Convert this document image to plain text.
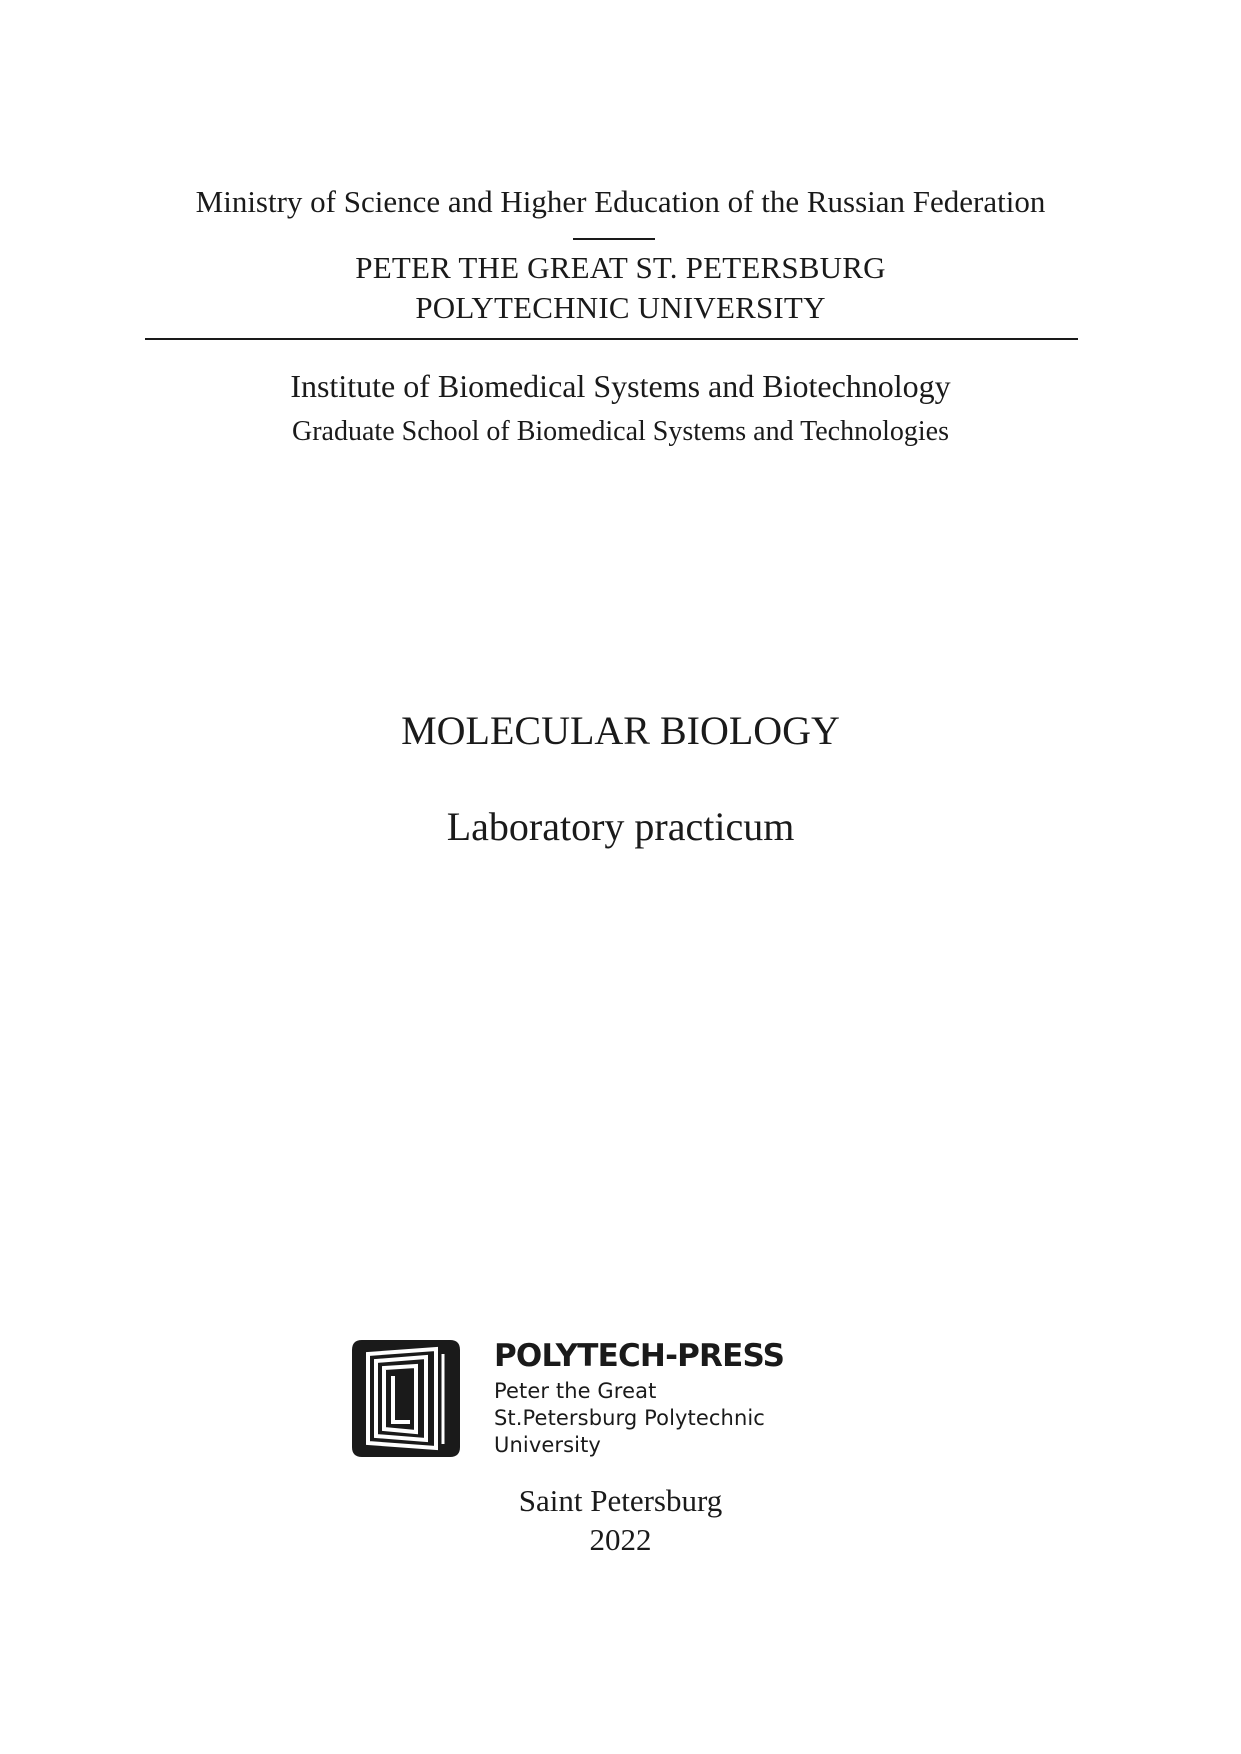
Ministry of Science and Higher Education of the Russian Federation

PETER THE GREAT ST. PETERSBURG

POLYTECHNIC UNIVERSITY

Institute of Biomedical Systems and Biotechnology

Graduate School of Biomedical Systems and Technologies

MOLECULAR BIOLOGY
Laboratory practicum

POLYTECH-PRESS

Peter the Great

St.Petersburg Polytechnic

University

Saint Petersburg

2022
